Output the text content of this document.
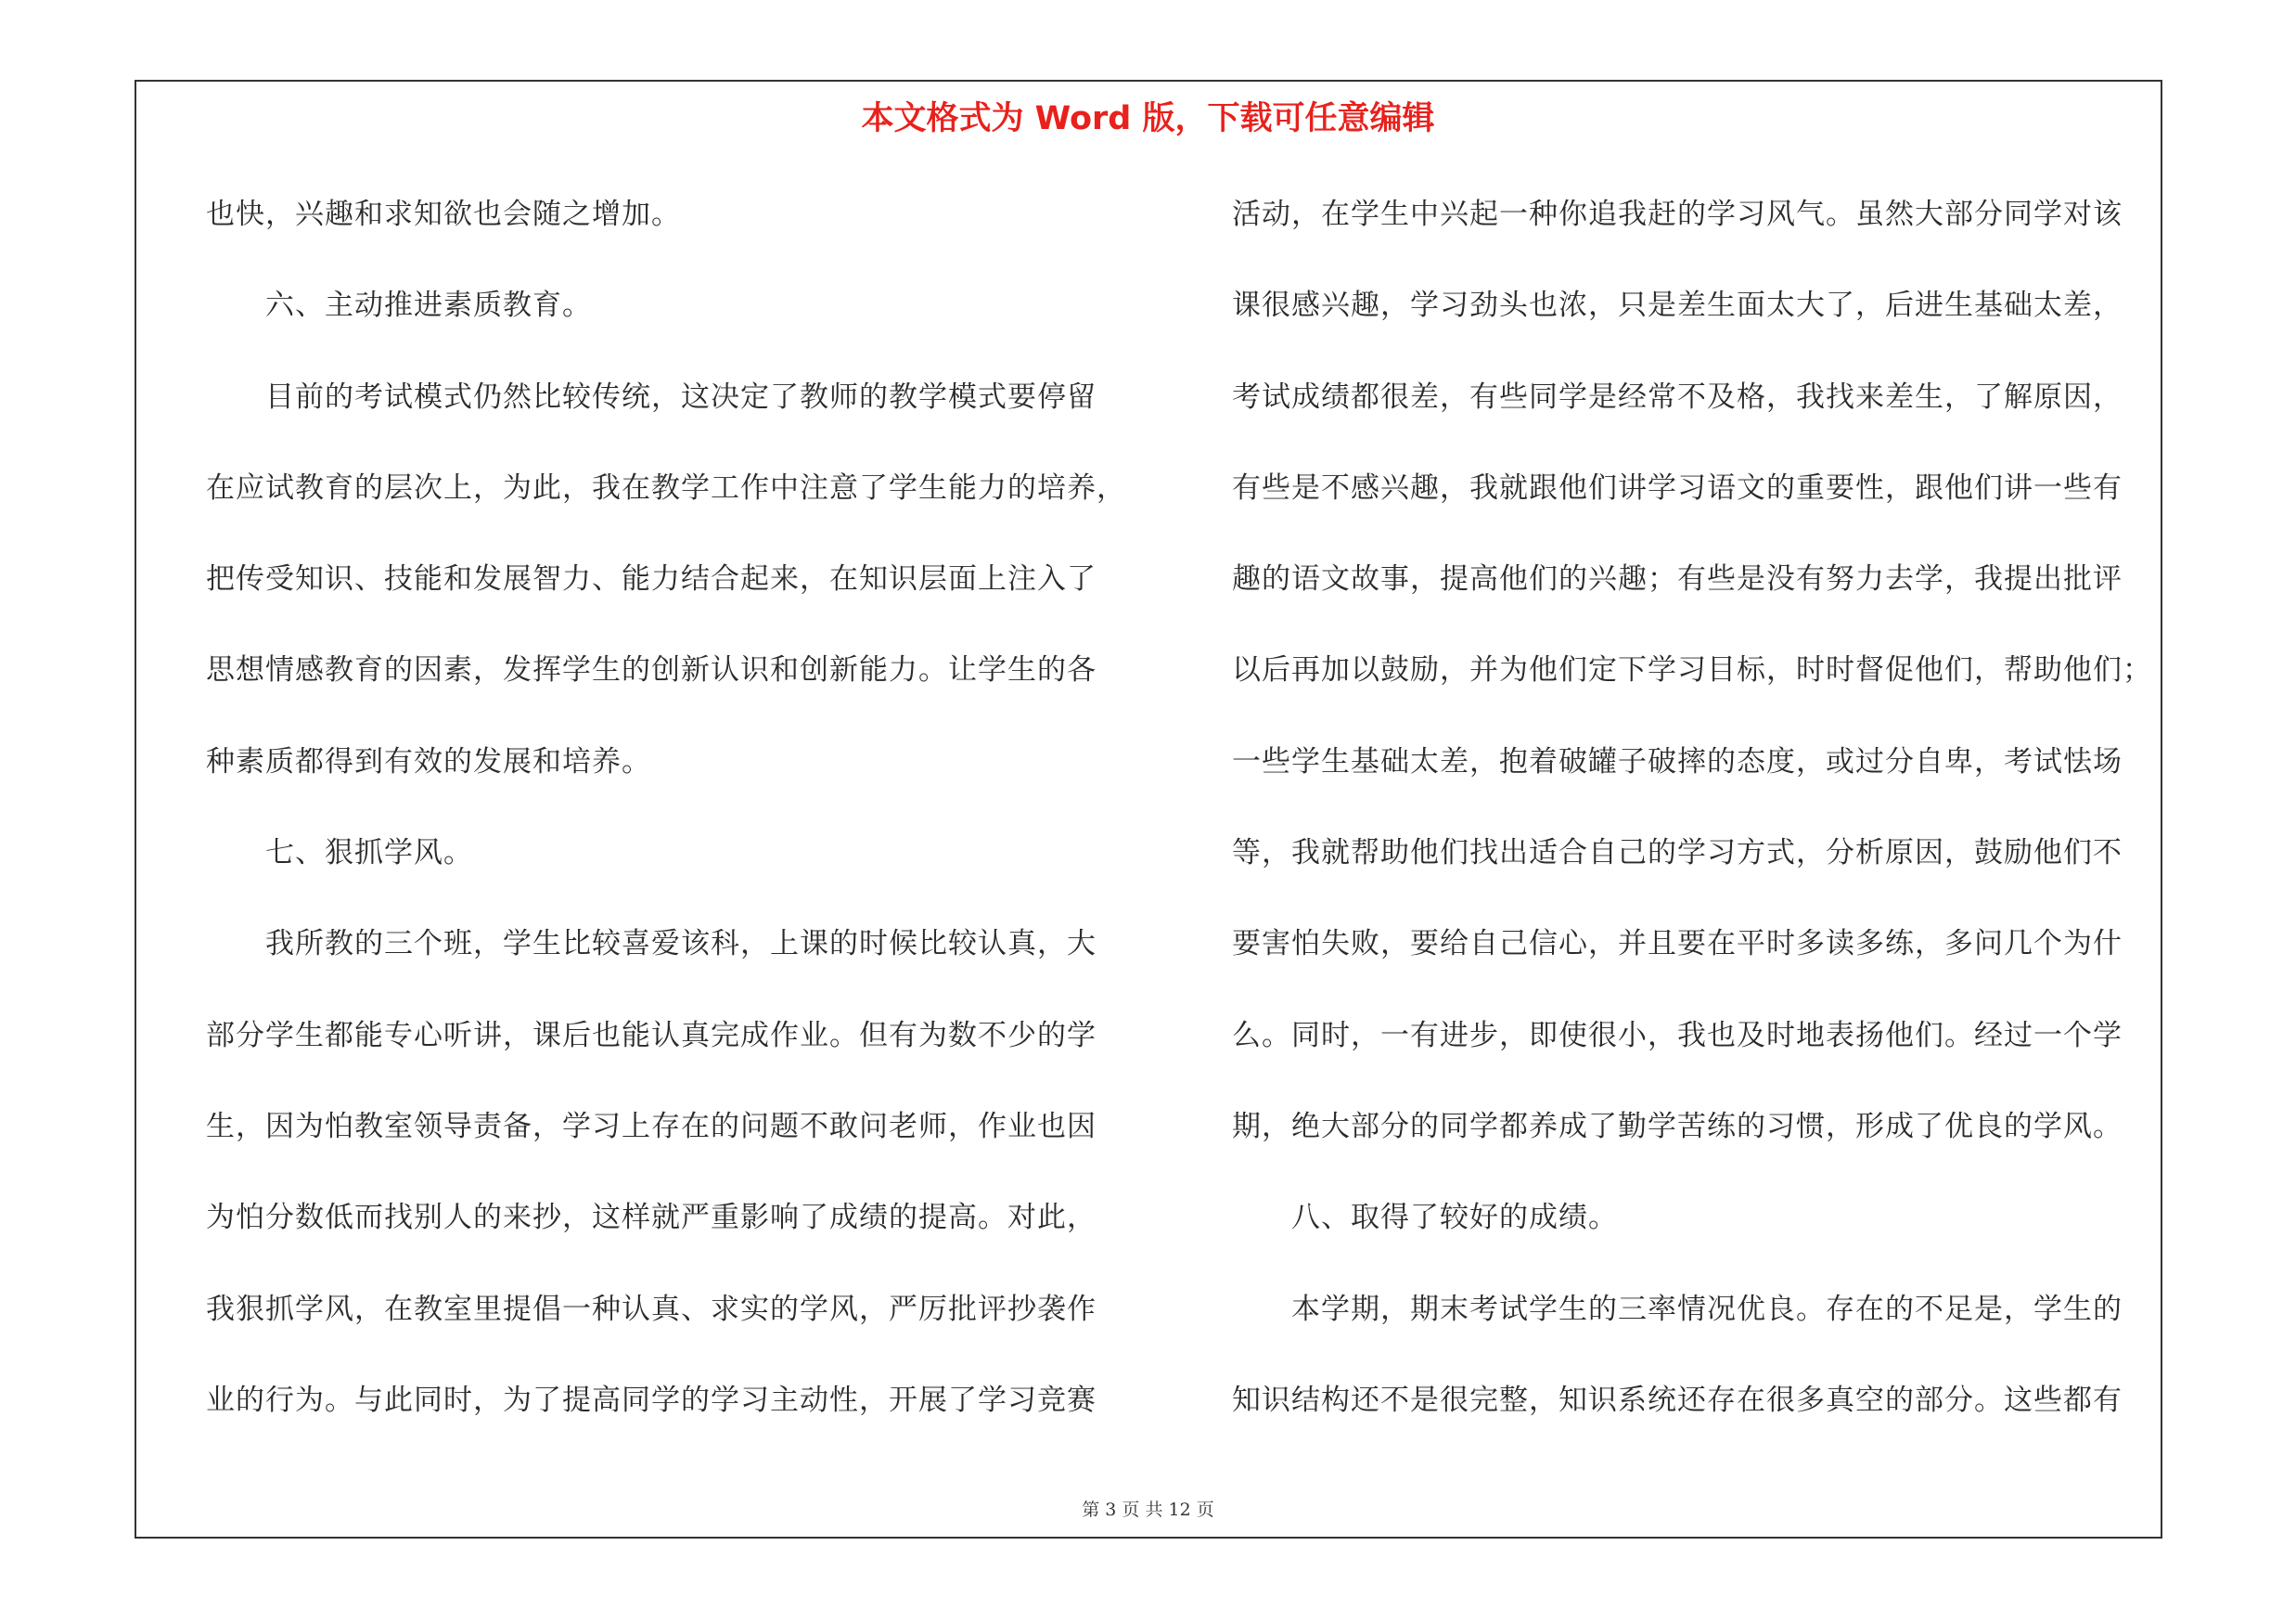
本文格式为 Word 版，下载可任意编辑
也快，兴趣和求知欲也会随之增加。
六、主动推进素质教育。
目前的考试模式仍然比较传统，这决定了教师的教学模式要停留
在应试教育的层次上，为此，我在教学工作中注意了学生能力的培养，
把传受知识、技能和发展智力、能力结合起来，在知识层面上注入了
思想情感教育的因素，发挥学生的创新认识和创新能力。让学生的各
种素质都得到有效的发展和培养。
七、狠抓学风。
我所教的三个班，学生比较喜爱该科，上课的时候比较认真，大
部分学生都能专心听讲，课后也能认真完成作业。但有为数不少的学
生，因为怕教室领导责备，学习上存在的问题不敢问老师，作业也因
为怕分数低而找别人的来抄，这样就严重影响了成绩的提高。对此，
我狠抓学风，在教室里提倡一种认真、求实的学风，严厉批评抄袭作
业的行为。与此同时，为了提高同学的学习主动性，开展了学习竞赛
活动，在学生中兴起一种你追我赶的学习风气。虽然大部分同学对该
课很感兴趣，学习劲头也浓，只是差生面太大了，后进生基础太差，
考试成绩都很差，有些同学是经常不及格，我找来差生，了解原因，
有些是不感兴趣，我就跟他们讲学习语文的重要性，跟他们讲一些有
趣的语文故事，提高他们的兴趣；有些是没有努力去学，我提出批评
以后再加以鼓励，并为他们定下学习目标，时时督促他们，帮助他们；
一些学生基础太差，抱着破罐子破摔的态度，或过分自卑，考试怯场
等，我就帮助他们找出适合自己的学习方式，分析原因，鼓励他们不
要害怕失败，要给自己信心，并且要在平时多读多练，多问几个为什
么。同时，一有进步，即使很小，我也及时地表扬他们。经过一个学
期，绝大部分的同学都养成了勤学苦练的习惯，形成了优良的学风。
八、取得了较好的成绩。
本学期，期末考试学生的三率情况优良。存在的不足是，学生的
知识结构还不是很完整，知识系统还存在很多真空的部分。这些都有
第 3 页 共 12 页
